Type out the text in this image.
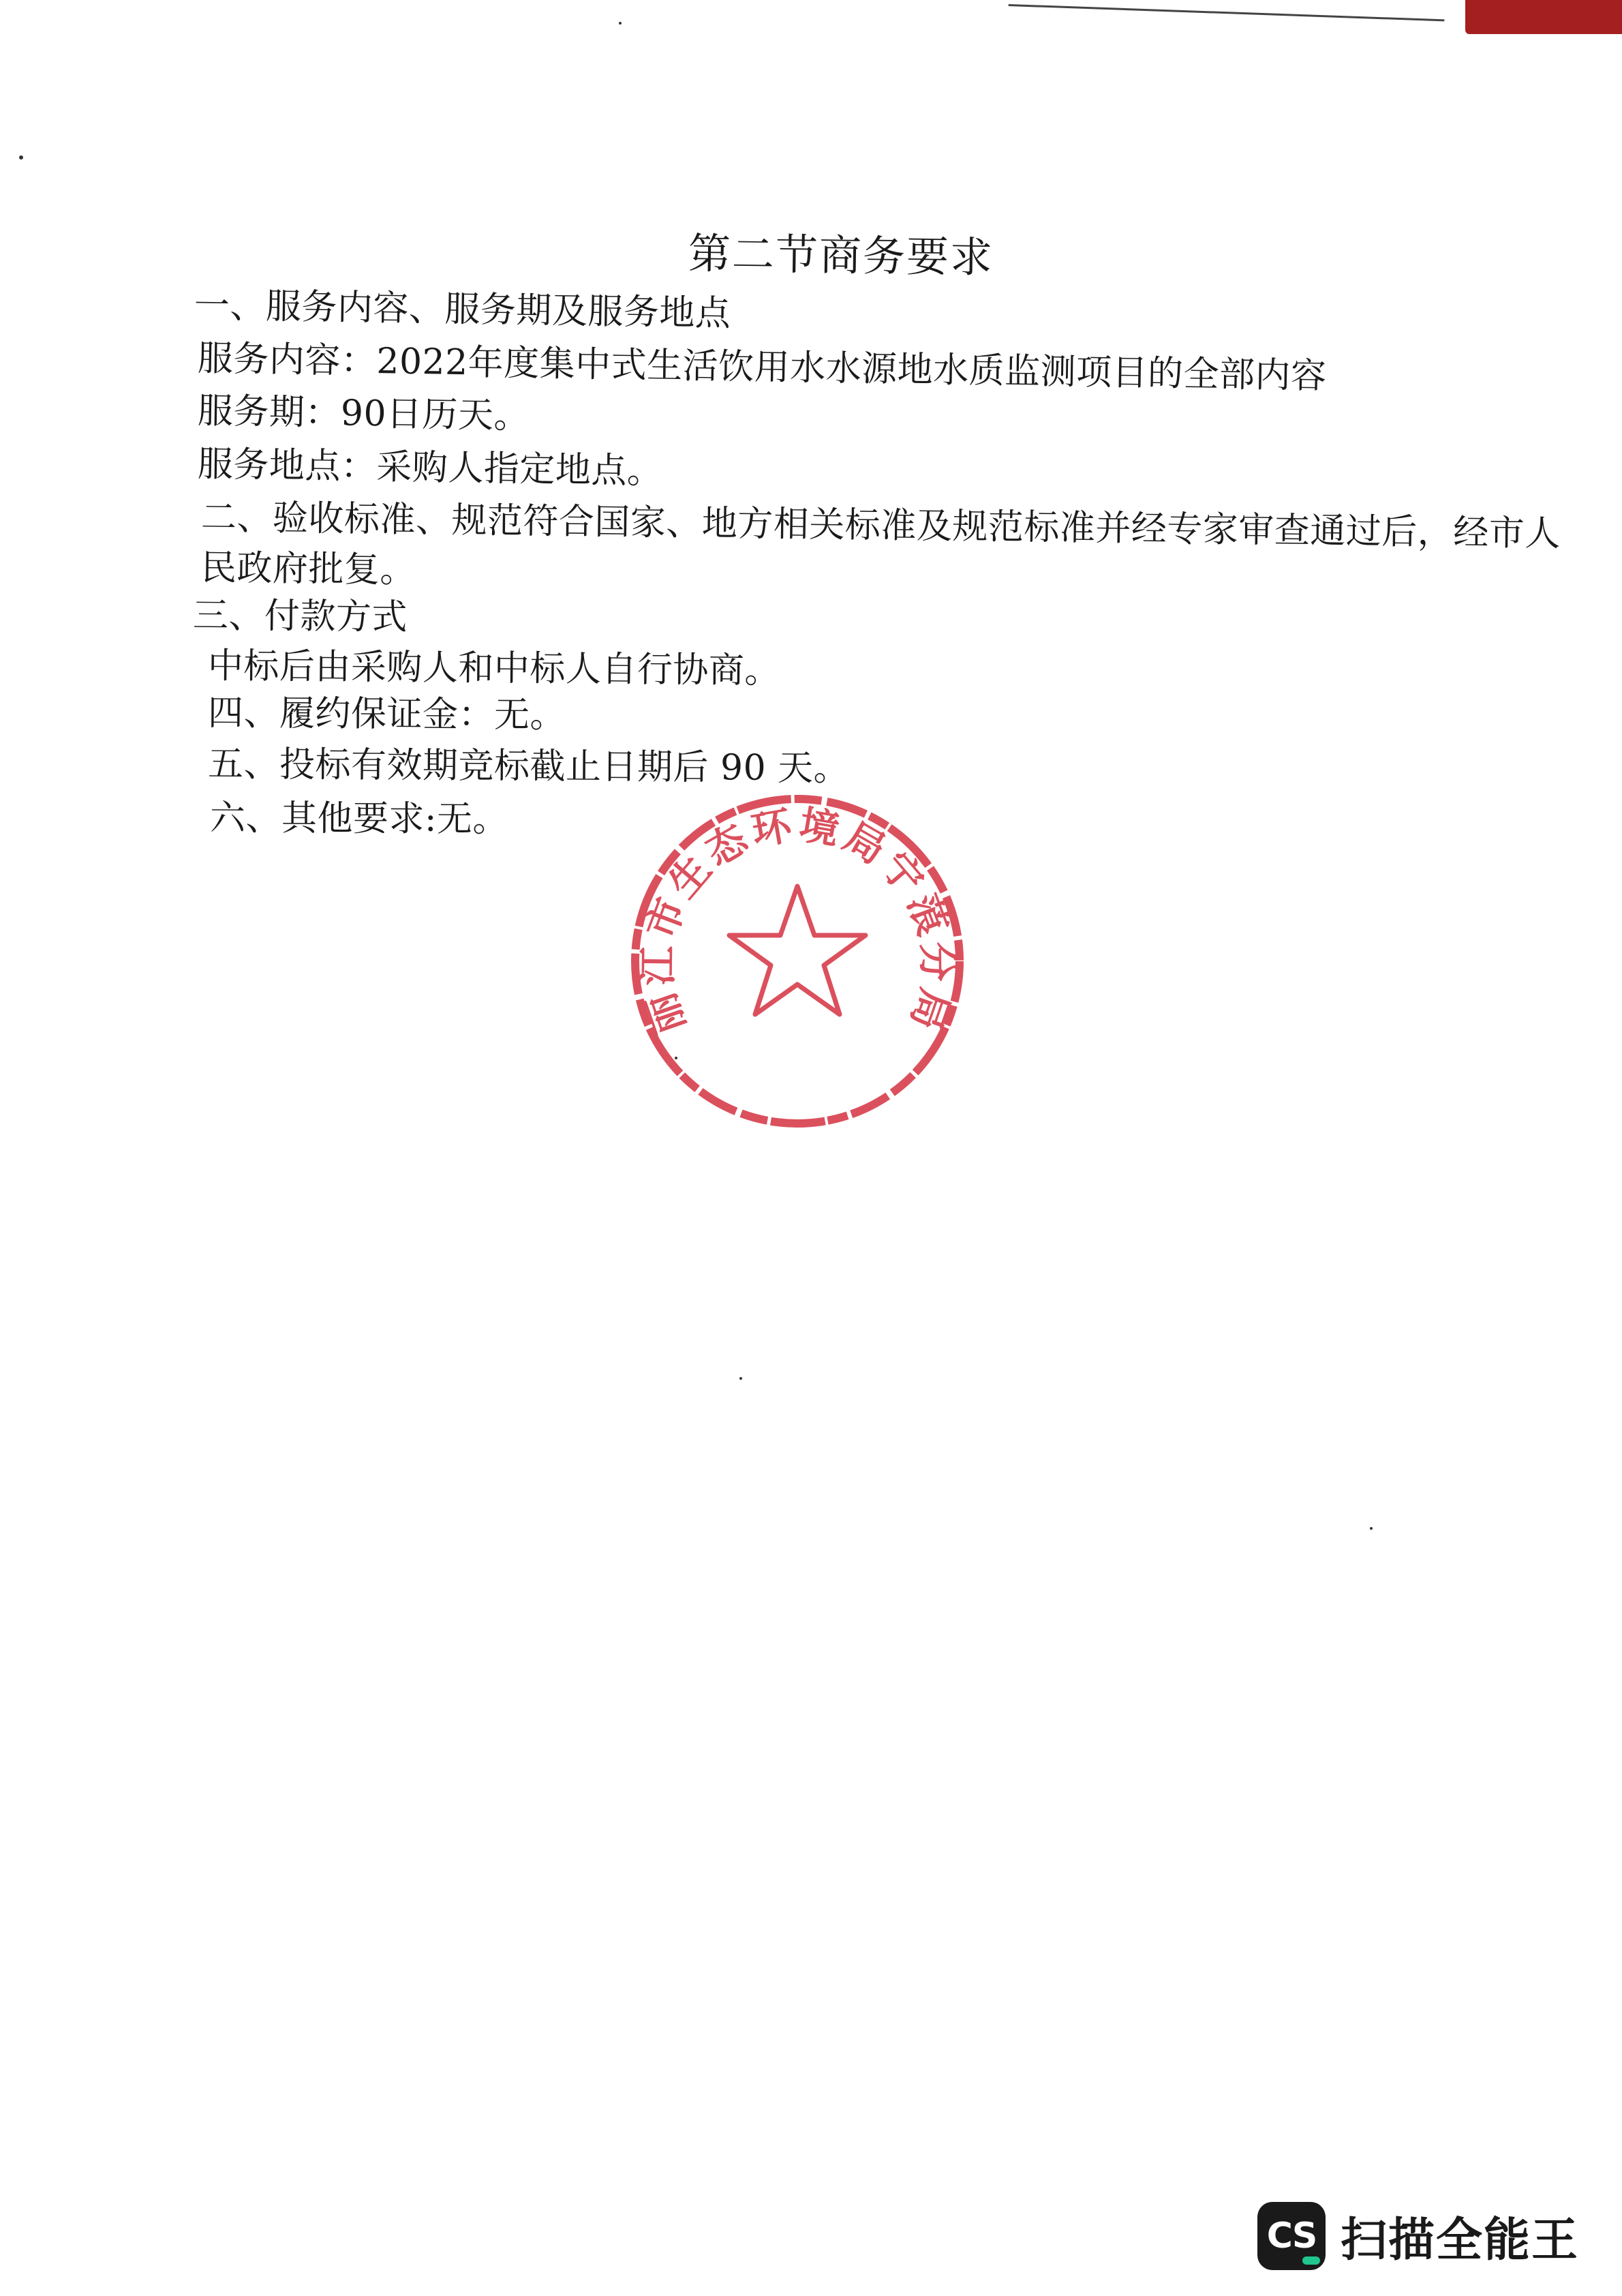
第二节商务要求
一、服务内容、服务期及服务地点
服务内容：2022年度集中式生活饮用水水源地水质监测项目的全部内容
服务期：90日历天。
服务地点：采购人指定地点。
二、验收标准、规范符合国家、地方相关标准及规范标准并经专家审查通过后，经市人
民政府批复。
三、付款方式
中标后由采购人和中标人自行协商。
四、履约保证金：无。
五、投标有效期竞标截止日期后 90 天。
六、其他要求:无。
丽江市生态环境局宁蒗分局
CS 扫描全能王
